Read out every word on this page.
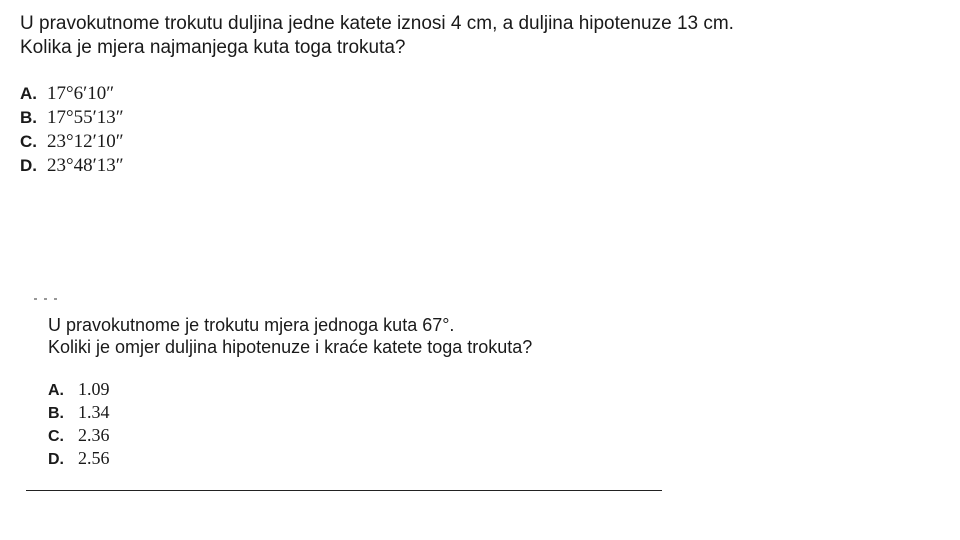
U pravokutnome trokutu duljina jedne katete iznosi 4 cm, a duljina hipotenuze 13 cm.
Kolika je mjera najmanjega kuta toga trokuta?
A. 17°6′10″
B. 17°55′13″
C. 23°12′10″
D. 23°48′13″
U pravokutnome je trokutu mjera jednoga kuta 67°.
Koliki je omjer duljina hipotenuze i kraće katete toga trokuta?
A. 1.09
B. 1.34
C. 2.36
D. 2.56
